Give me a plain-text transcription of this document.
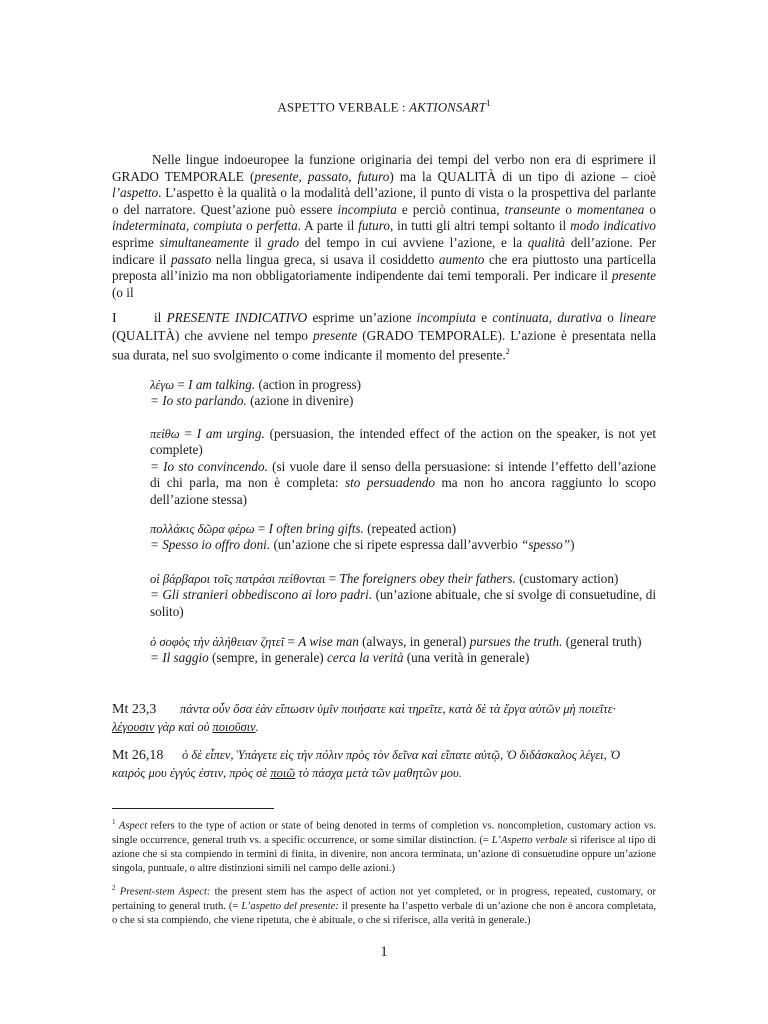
ASPETTO VERBALE : AKTIONSART$^1$
Nelle lingue indoeuropee la funzione originaria dei tempi del verbo non era di esprimere il GRADO TEMPORALE (presente, passato, futuro) ma la QUALITÀ di un tipo di azione – cioè l’aspetto. L’aspetto è la qualità o la modalità dell’azione, il punto di vista o la prospettiva del parlante o del narratore. Quest’azione può essere incompiuta e perciò continua, transeunte o momentanea o indeterminata, compiuta o perfetta. A parte il futuro, in tutti gli altri tempi soltanto il modo indicativo esprime simultaneamente il grado del tempo in cui avviene l’azione, e la qualità dell’azione. Per indicare il passato nella lingua greca, si usava il cosiddetto aumento che era piuttosto una particella preposta all’inizio ma non obbligatoriamente indipendente dai temi temporali. Per indicare il presente (o il
I	il PRESENTE INDICATIVO esprime un’azione incompiuta e continuata, durativa o lineare (QUALITÀ) che avviene nel tempo presente (GRADO TEMPORALE). L’azione è presentata nella sua durata, nel suo svolgimento o come indicante il momento del presente.$^2$
λέγω = I am talking. (action in progress)
= Io sto parlando. (azione in divenire)
πείθω = I am urging. (persuasion, the intended effect of the action on the speaker, is not yet complete)
= Io sto convincendo. (si vuole dare il senso della persuasione: si intende l’effetto dell’azione di chi parla, ma non è completa: sto persuadendo ma non ho ancora raggiunto lo scopo dell’azione stessa)
πολλάκις δῶρα φέρω = I often bring gifts. (repeated action)
= Spesso io offro doni. (un’azione che si ripete espressa dall’avverbio “spesso”)
οἱ βάρβαροι τοῖς πατράσι πείθονται = The foreigners obey their fathers. (customary action)
= Gli stranieri obbediscono ai loro padri. (un’azione abituale, che si svolge di consuetudine, di solito)
ὁ σοφὸς τὴν ἀλήθειαν ζητεῖ = A wise man (always, in general) pursues the truth. (general truth)
= Il saggio (sempre, in generale) cerca la verità (una verità in generale)
Mt 23,3 πάντα οὖν ὅσα ἐὰν εἴπωσιν ὑμῖν ποιήσατε καὶ τηρεῖτε, κατὰ δὲ τὰ ἔργα αὐτῶν μὴ ποιεῖτε· λέγουσιν γὰρ καὶ οὐ ποιοῦσιν.
Mt 26,18 ὁ δὲ εἶπεν, Ὑπάγετε εἰς τὴν πόλιν πρὸς τὸν δεῖνα καὶ εἴπατε αὐτῷ, Ὁ διδάσκαλος λέγει, Ὁ καιρός μου ἐγγύς ἐστιν, πρὸς σὲ ποιῶ τὸ πάσχα μετὰ τῶν μαθητῶν μου.
$^1$ Aspect refers to the type of action or state of being denoted in terms of completion vs. noncompletion, customary action vs. single occurrence, general truth vs. a specific occurrence, or some similar distinction. (= L’Aspetto verbale si riferisce al tipo di azione che si sta compiendo in termini di finita, in divenire, non ancora terminata, un’azione di consuetudine oppure un’azione singola, puntuale, o altre distinzioni simili nel campo delle azioni.)
$^2$ Present-stem Aspect: the present stem has the aspect of action not yet completed, or in progress, repeated, customary, or pertaining to general truth. (= L’aspetto del presente: il presente ha l’aspetto verbale di un’azione che non è ancora completata, o che si sta compiendo, che viene ripetuta, che è abituale, o che si riferisce, alla verità in generale.)
1
